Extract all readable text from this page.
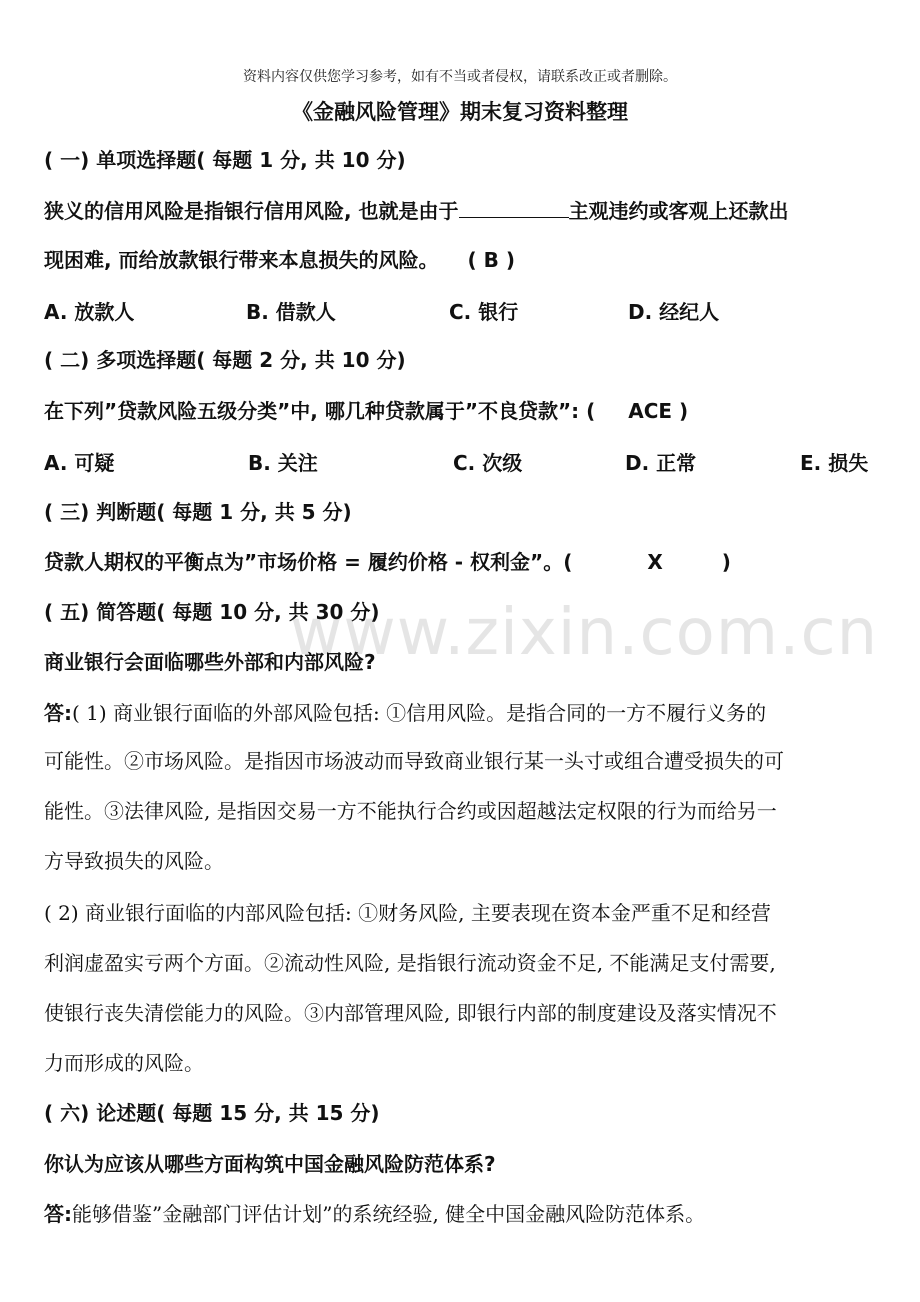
资料内容仅供您学习参考，如有不当或者侵权，请联系改正或者删除。
《金融风险管理》期末复习资料整理
www.zixin.com.cn
( 一) 单项选择题( 每题 1 分, 共 10 分)
狭义的信用风险是指银行信用风险, 也就是由于	主观违约或客观上还款出
现困难, 而给放款银行带来本息损失的风险。 ( B )
A. 放款人	B. 借款人	C. 银行	D. 经纪人
( 二) 多项选择题( 每题 2 分, 共 10 分)
在下列”贷款风险五级分类”中, 哪几种贷款属于”不良贷款”: ( ACE )
A. 可疑	B. 关注	C. 次级	D. 正常	E. 损失
( 三) 判断题( 每题 1 分, 共 5 分)
贷款人期权的平衡点为”市场价格 = 履约价格 - 权利金”。(	X	)
( 五) 简答题( 每题 10 分, 共 30 分)
商业银行会面临哪些外部和内部风险?
答:( 1) 商业银行面临的外部风险包括: ①信用风险。是指合同的一方不履行义务的
可能性。②市场风险。是指因市场波动而导致商业银行某一头寸或组合遭受损失的可
能性。③法律风险, 是指因交易一方不能执行合约或因超越法定权限的行为而给另一
方导致损失的风险。
( 2) 商业银行面临的内部风险包括: ①财务风险, 主要表现在资本金严重不足和经营
利润虚盈实亏两个方面。②流动性风险, 是指银行流动资金不足, 不能满足支付需要,
使银行丧失清偿能力的风险。③内部管理风险, 即银行内部的制度建设及落实情况不
力而形成的风险。
( 六) 论述题( 每题 15 分, 共 15 分)
你认为应该从哪些方面构筑中国金融风险防范体系?
答:能够借鉴”金融部门评估计划”的系统经验, 健全中国金融风险防范体系。
